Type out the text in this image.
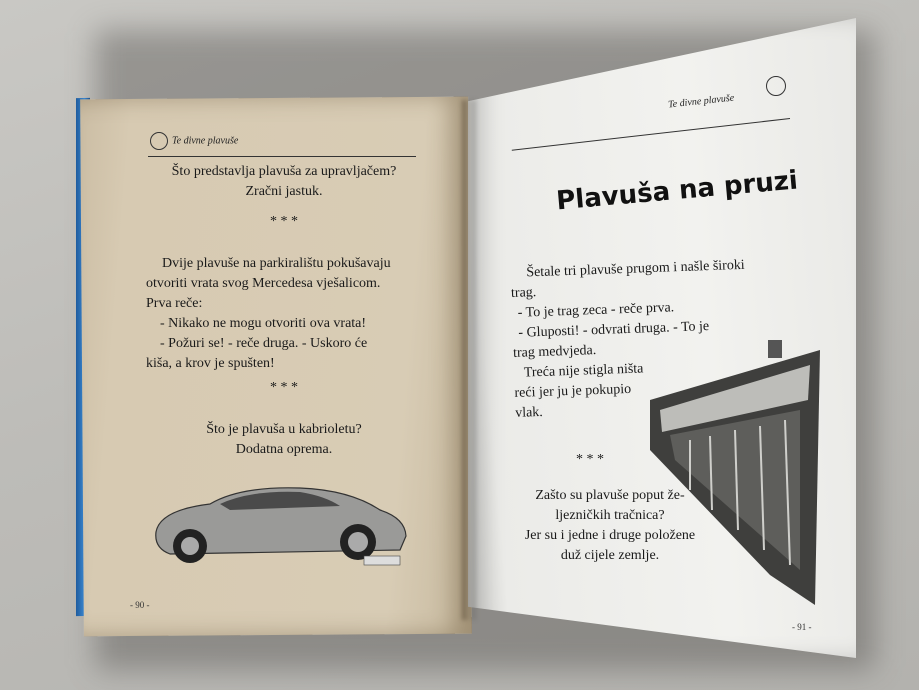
Te divne plavuše
Što predstavlja plavuša za upravljačem?
Zračni jastuk.
* * *
Dvije plavuše na parkiralištu pokušavaju
otvoriti vrata svog Mercedesa vješalicom.
Prva reče:
- Nikako ne mogu otvoriti ova vrata!
- Požuri se! - reče druga. - Uskoro će
kiša, a krov je spušten!
* * *
Što je plavuša u kabrioletu?
Dodatna oprema.
- 90 -
Te divne plavuše
Plavuša na pruzi
Šetale tri plavuše prugom i našle široki
trag.
- To je trag zeca - reče prva.
- Gluposti! - odvrati druga. - To je
trag medvjeda.
Treća nije stigla ništa
reći jer ju je pokupio
vlak.
* * *
Zašto su plavuše poput že-
ljezničkih tračnica?
Jer su i jedne i druge položene
duž cijele zemlje.
- 91 -
